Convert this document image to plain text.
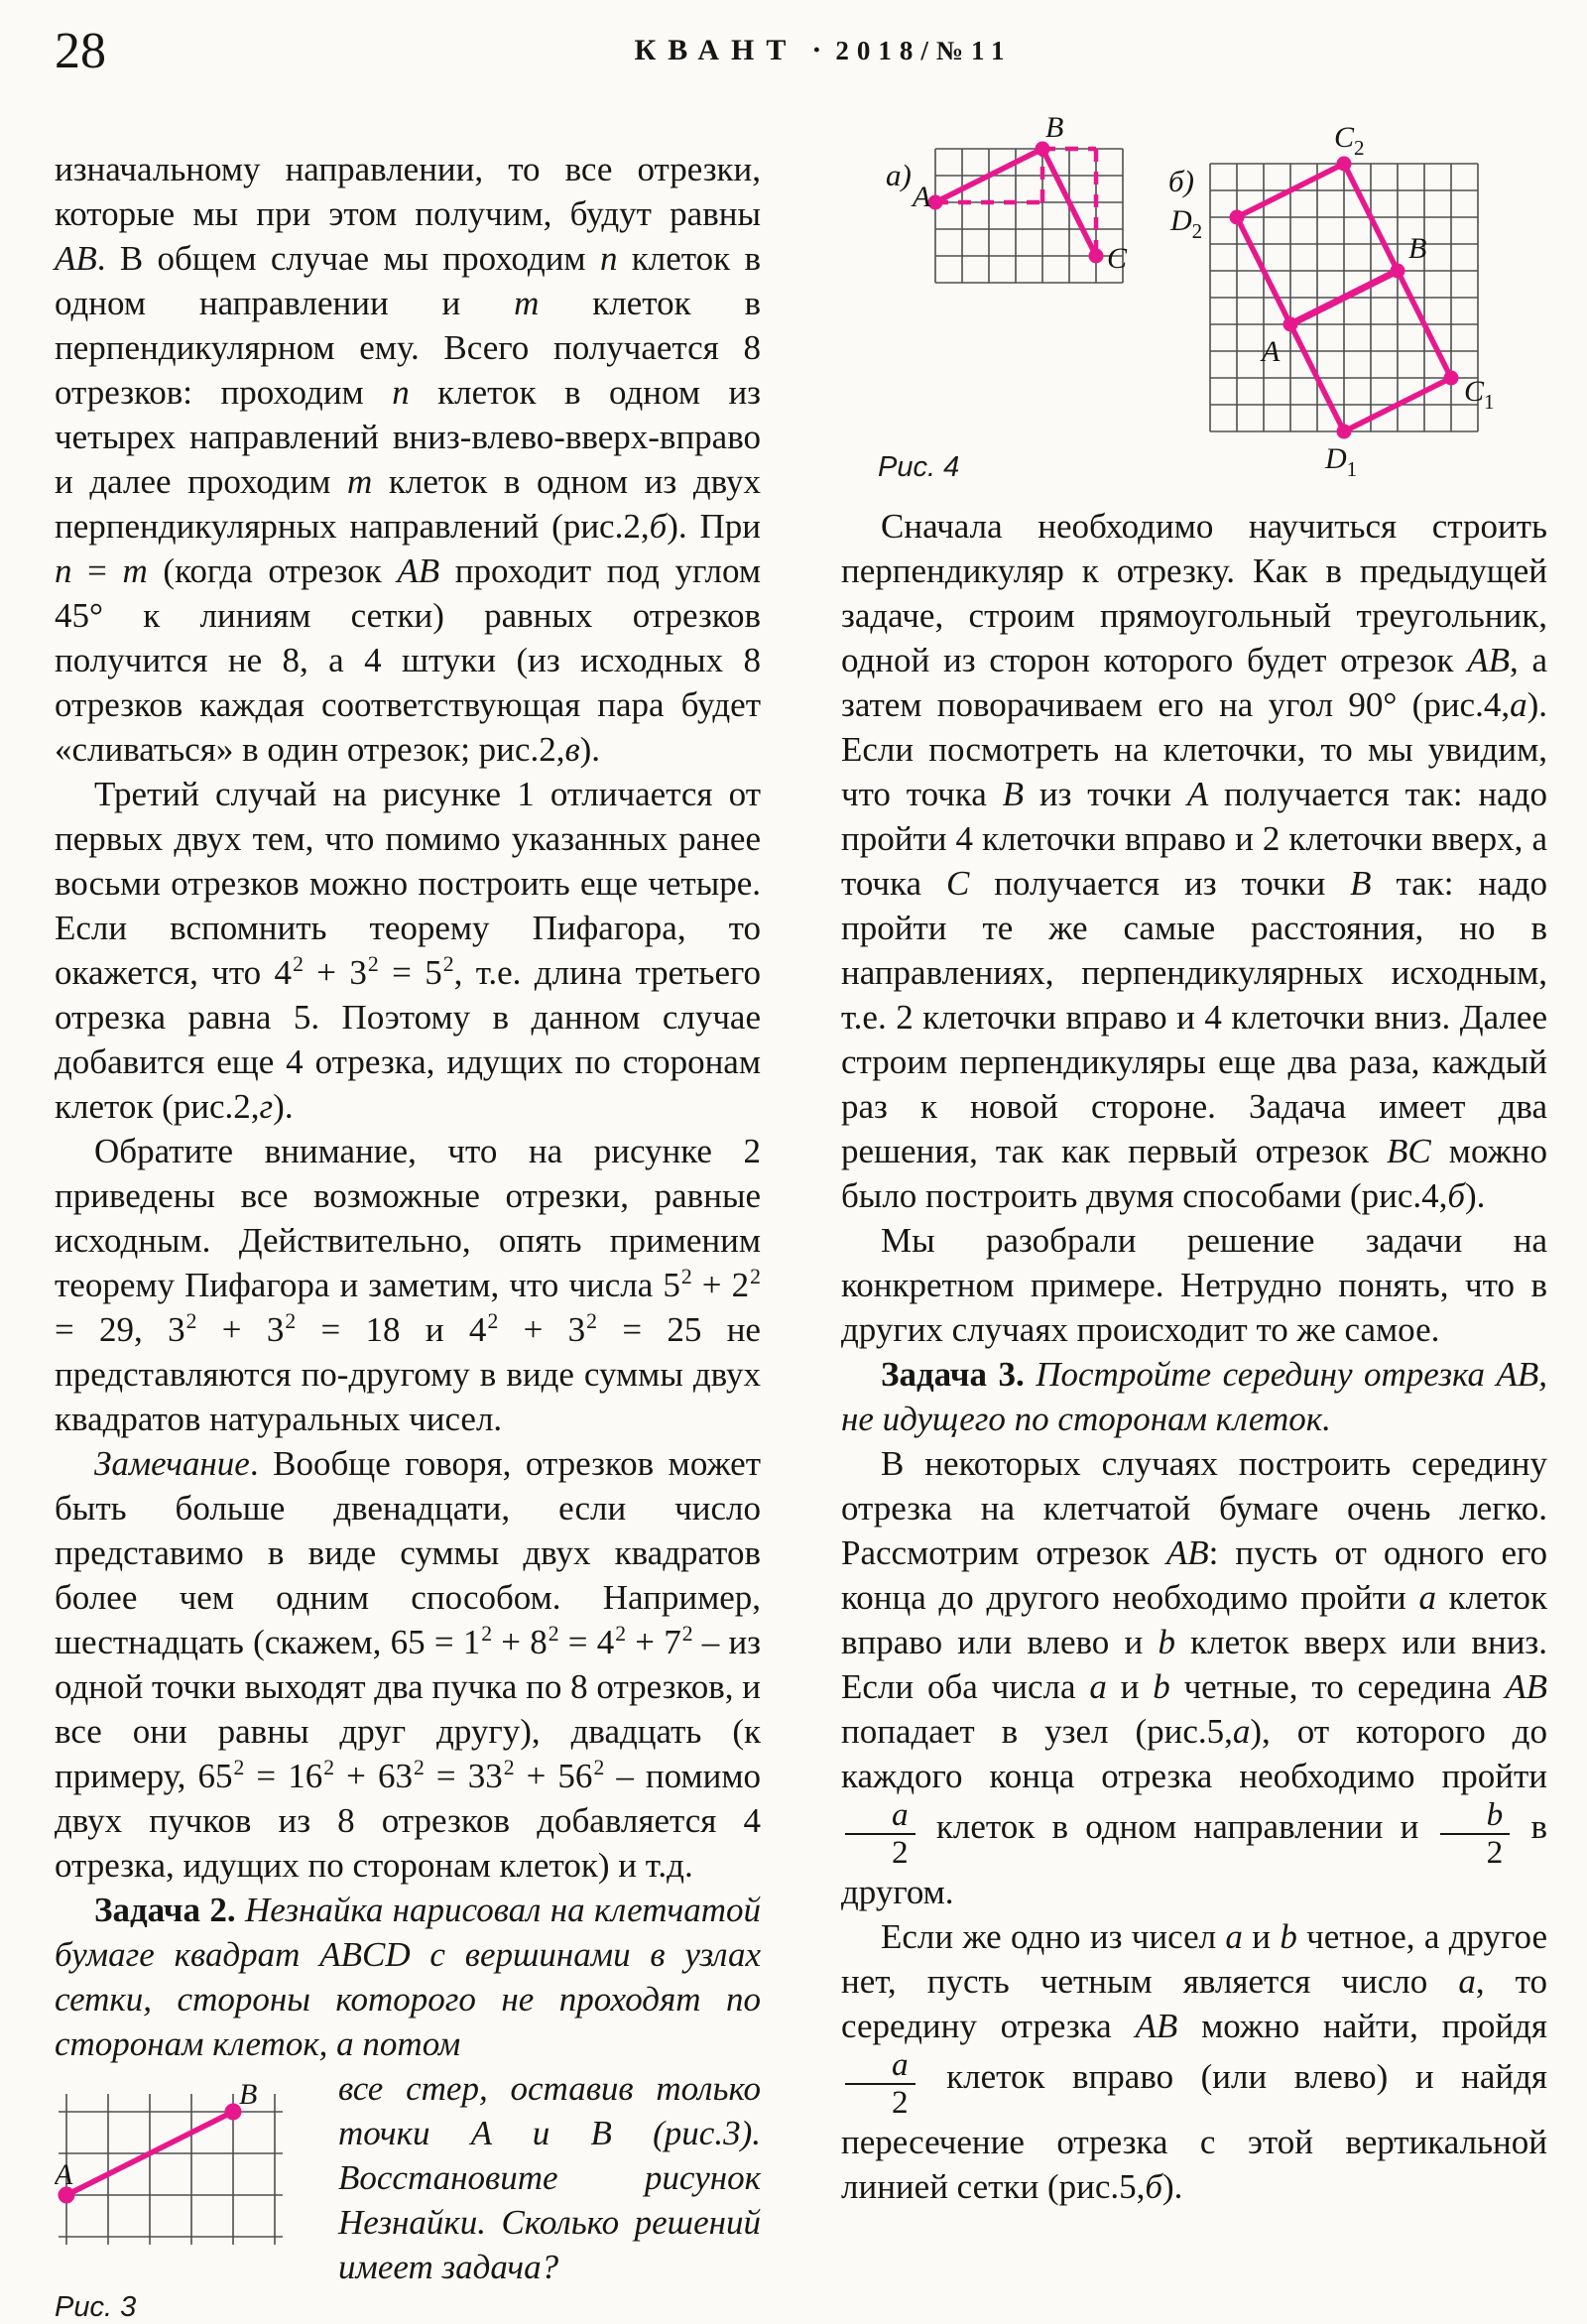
28	КВАНТ · 2018/№11

изначальному направлении, то все отрезки, которые мы при этом получим, будут равны AB. В общем случае мы проходим n клеток в одном направлении и m клеток в перпендикулярном ему. Всего получается 8 отрезков: проходим n клеток в одном из четырех направлений вниз-влево-вверх-вправо и далее проходим m клеток в одном из двух перпендикулярных направлений (рис.2,б). При n = m (когда отрезок AB проходит под углом 45° к линиям сетки) равных отрезков получится не 8, а 4 штуки (из исходных 8 отрезков каждая соответствующая пара будет «сливаться» в один отрезок; рис.2,в).

Третий случай на рисунке 1 отличается от первых двух тем, что помимо указанных ранее восьми отрезков можно построить еще четыре. Если вспомнить теорему Пифагора, то окажется, что $4^2 + 3^2 = 5^2$, т.е. длина третьего отрезка равна 5. Поэтому в данном случае добавится еще 4 отрезка, идущих по сторонам клеток (рис.2,г).

Обратите внимание, что на рисунке 2 приведены все возможные отрезки, равные исходным. Действительно, опять применим теорему Пифагора и заметим, что числа $5^2 + 2^2 = 29$, $3^2 + 3^2 = 18$ и $4^2 + 3^2 = 25$ не представляются по-другому в виде суммы двух квадратов натуральных чисел.

Замечание. Вообще говоря, отрезков может быть больше двенадцати, если число представимо в виде суммы двух квадратов более чем одним способом. Например, шестнадцать (скажем, $65 = 1^2 + 8^2 = 4^2 + 7^2$ – из одной точки выходят два пучка по 8 отрезков, и все они равны друг другу), двадцать (к примеру, $65^2 = 16^2 + 63^2 = 33^2 + 56^2$ – помимо двух пучков из 8 отрезков добавляется 4 отрезка, идущих по сторонам клеток) и т.д.

Задача 2. Незнайка нарисовал на клетчатой бумаге квадрат ABCD с вершинами в узлах сетки, стороны которого не проходят по сторонам клеток, а потом

A
B
Рис. 3

все стер, оставив только точки A и B (рис.3). Восстановите рисунок Незнайки. Сколько решений имеет задача?

а)
A
B
C
б)
$C_2$
$D_2$
B
A
$C_1$
$D_1$
Рис. 4

Сначала необходимо научиться строить перпендикуляр к отрезку. Как в предыдущей задаче, строим прямоугольный треугольник, одной из сторон которого будет отрезок AB, а затем поворачиваем его на угол 90° (рис.4,а). Если посмотреть на клеточки, то мы увидим, что точка B из точки A получается так: надо пройти 4 клеточки вправо и 2 клеточки вверх, а точка C получается из точки B так: надо пройти те же самые расстояния, но в направлениях, перпендикулярных исходным, т.е. 2 клеточки вправо и 4 клеточки вниз. Далее строим перпендикуляры еще два раза, каждый раз к новой стороне. Задача имеет два решения, так как первый отрезок BC можно было построить двумя способами (рис.4,б).

Мы разобрали решение задачи на конкретном примере. Нетрудно понять, что в других случаях происходит то же самое.

Задача 3. Постройте середину отрезка AB, не идущего по сторонам клеток.

В некоторых случаях построить середину отрезка на клетчатой бумаге очень легко. Рассмотрим отрезок AB: пусть от одного его конца до другого необходимо пройти a клеток вправо или влево и b клеток вверх или вниз. Если оба числа a и b четные, то середина AB попадает в узел (рис.5,а), от которого до каждого конца отрезка необходимо пройти
$\frac{a}{2}$ клеток в одном направлении и $\frac{b}{2}$ в другом.

Если же одно из чисел a и b четное, а другое нет, пусть четным является число a, то середину отрезка AB можно найти, пройдя
$\frac{a}{2}$ клеток вправо (или влево) и найдя пересечение отрезка с этой вертикальной линией сетки (рис.5,б).
